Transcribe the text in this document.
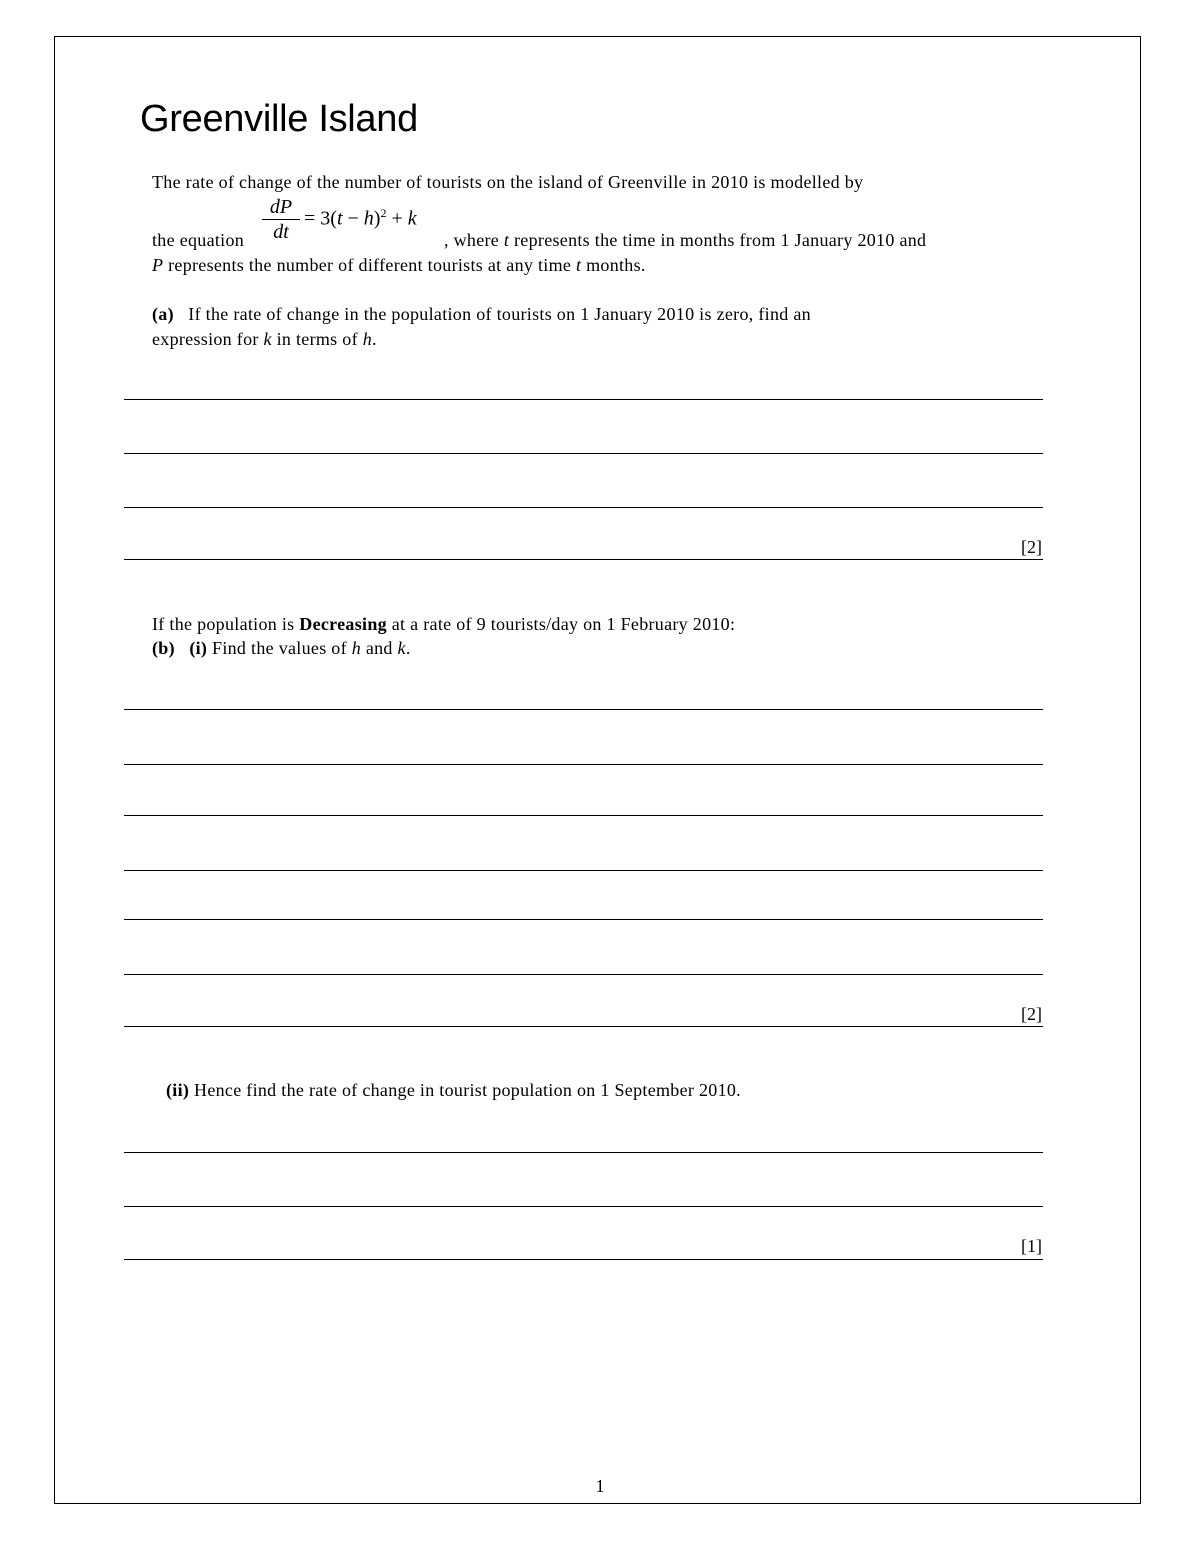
Greenville Island
The rate of change of the number of tourists on the island of Greenville in 2010 is modelled by
dP
dt
= $3(t - h)^2 + k$
the equation	, where t represents the time in months from 1 January 2010 and
P represents the number of different tourists at any time t months.
(a) If the rate of change in the population of tourists on 1 January 2010 is zero, find an
expression for k in terms of h.
[2]
If the population is Decreasing at a rate of 9 tourists/day on 1 February 2010:
(b) (i) Find the values of h and k.
[2]
(ii) Hence find the rate of change in tourist population on 1 September 2010.
[1]
1
